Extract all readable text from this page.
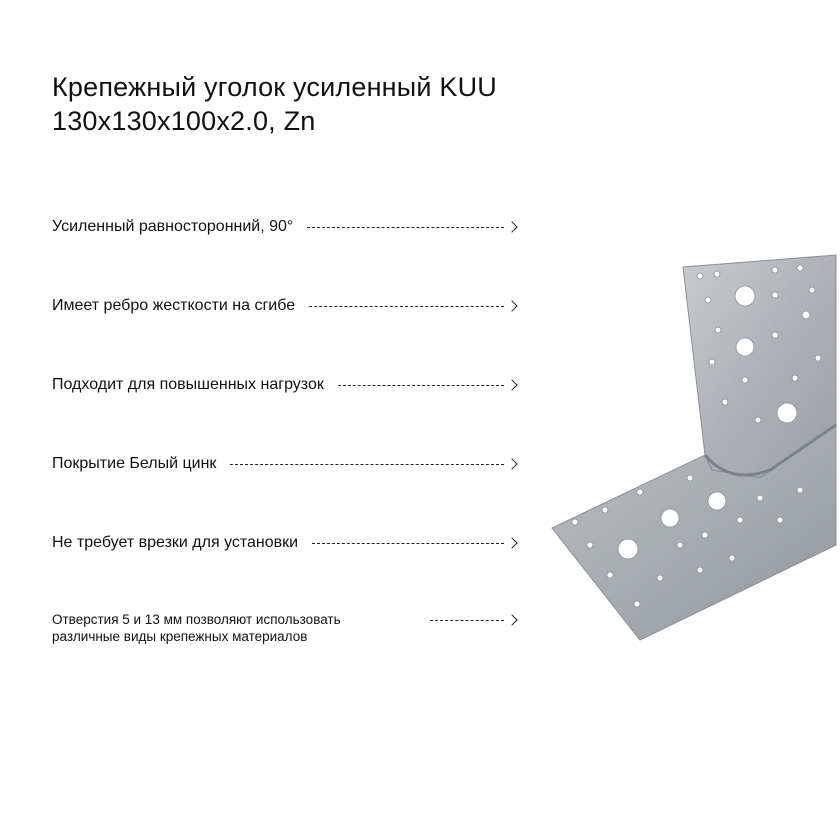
Крепежный уголок усиленный KUU
130x130x100x2.0, Zn
Усиленный равносторонний, 90°
Имеет ребро жесткости на сгибе
Подходит для повышенных нагрузок
Покрытие Белый цинк
Не требует врезки для установки
Отверстия 5 и 13 мм позволяют использовать различные виды крепежных материалов
